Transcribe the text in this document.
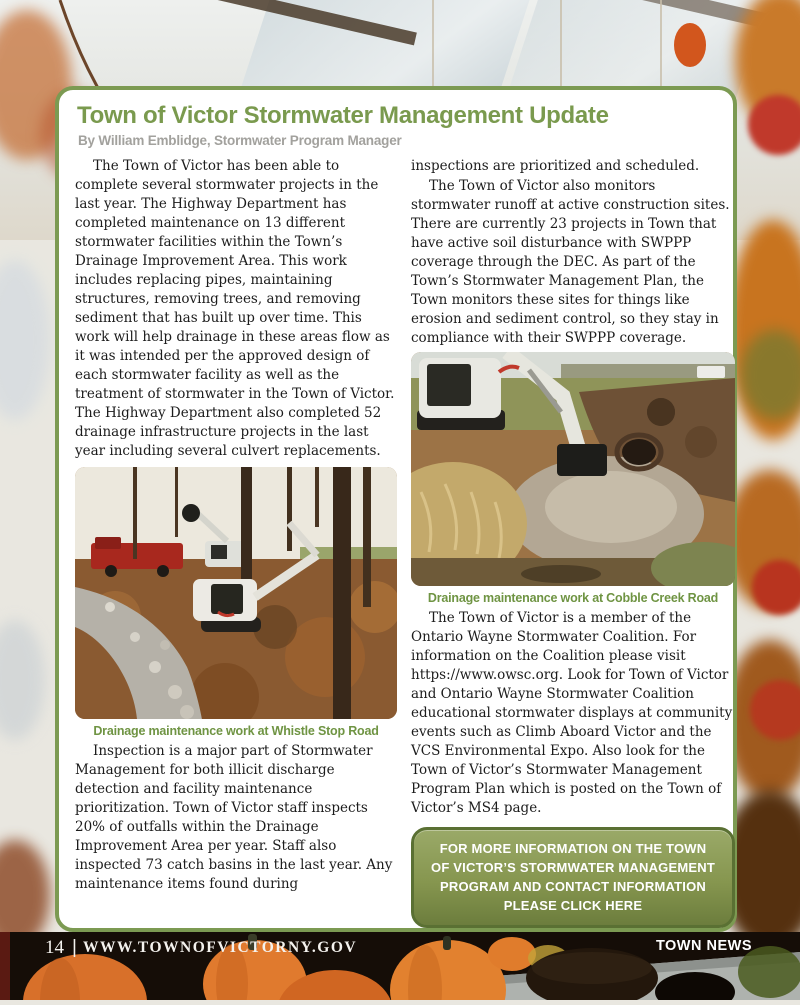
Town of Victor Stormwater Management Update
By William Emblidge, Stormwater Program Manager

The Town of Victor has been able to complete several stormwater projects in the last year. The Highway Department has completed maintenance on 13 different stormwater facilities within the Town’s Drainage Improvement Area. This work includes replacing pipes, maintaining structures, removing trees, and removing sediment that has built up over time. This work will help drainage in these areas flow as it was intended per the approved design of each stormwater facility as well as the treatment of stormwater in the Town of Victor. The Highway Department also completed 52 drainage infrastructure projects in the last year including several culvert replacements.

Drainage maintenance work at Whistle Stop Road

Inspection is a major part of Stormwater Management for both illicit discharge detection and facility maintenance prioritization. Town of Victor staff inspects 20% of outfalls within the Drainage Improvement Area per year. Staff also inspected 73 catch basins in the last year. Any maintenance items found during

inspections are prioritized and scheduled.

The Town of Victor also monitors stormwater runoff at active construction sites. There are currently 23 projects in Town that have active soil disturbance with SWPPP coverage through the DEC. As part of the Town’s Stormwater Management Plan, the Town monitors these sites for things like erosion and sediment control, so they stay in compliance with their SWPPP coverage.

Drainage maintenance work at Cobble Creek Road

The Town of Victor is a member of the Ontario Wayne Stormwater Coalition. For information on the Coalition please visit https://www.owsc.org. Look for Town of Victor and Ontario Wayne Stormwater Coalition educational stormwater displays at community events such as Climb Aboard Victor and the VCS Environmental Expo. Also look for the Town of Victor’s Stormwater Management Program Plan which is posted on the Town of Victor’s MS4 page.

FOR MORE INFORMATION ON THE TOWN OF VICTOR’S STORMWATER MANAGEMENT PROGRAM AND CONTACT INFORMATION PLEASE CLICK HERE
14 | WWW.TOWNOFVICTORNY.GOV	TOWN NEWS
